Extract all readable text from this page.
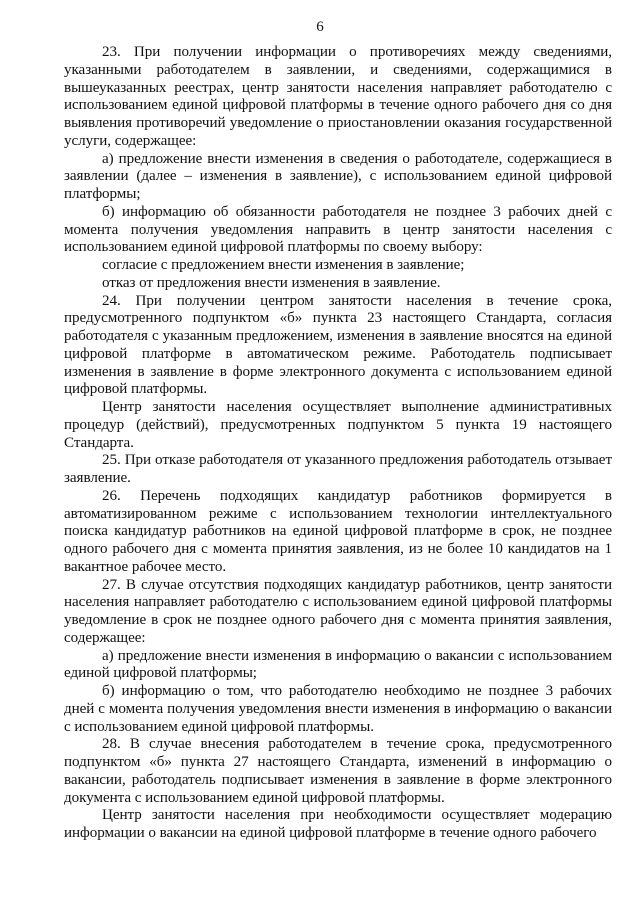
6

23. При получении информации о противоречиях между сведениями, указанными работодателем в заявлении, и сведениями, содержащимися в вышеуказанных реестрах, центр занятости населения направляет работодателю с использованием единой цифровой платформы в течение одного рабочего дня со дня выявления противоречий уведомление о приостановлении оказания государственной услуги, содержащее:

а) предложение внести изменения в сведения о работодателе, содержащиеся в заявлении (далее – изменения в заявление), с использованием единой цифровой платформы;

б) информацию об обязанности работодателя не позднее 3 рабочих дней с момента получения уведомления направить в центр занятости населения с использованием единой цифровой платформы по своему выбору:

согласие с предложением внести изменения в заявление;

отказ от предложения внести изменения в заявление.

24. При получении центром занятости населения в течение срока, предусмотренного подпунктом «б» пункта 23 настоящего Стандарта, согласия работодателя с указанным предложением, изменения в заявление вносятся на единой цифровой платформе в автоматическом режиме. Работодатель подписывает изменения в заявление в форме электронного документа с использованием единой цифровой платформы.

Центр занятости населения осуществляет выполнение административных процедур (действий), предусмотренных подпунктом 5 пункта 19 настоящего Стандарта.

25. При отказе работодателя от указанного предложения работодатель отзывает заявление.

26. Перечень подходящих кандидатур работников формируется в автоматизированном режиме с использованием технологии интеллектуального поиска кандидатур работников на единой цифровой платформе в срок, не позднее одного рабочего дня с момента принятия заявления, из не более 10 кандидатов на 1 вакантное рабочее место.

27. В случае отсутствия подходящих кандидатур работников, центр занятости населения направляет работодателю с использованием единой цифровой платформы уведомление в срок не позднее одного рабочего дня с момента принятия заявления, содержащее:

а) предложение внести изменения в информацию о вакансии с использованием единой цифровой платформы;

б) информацию о том, что работодателю необходимо не позднее 3 рабочих дней с момента получения уведомления внести изменения в информацию о вакансии с использованием единой цифровой платформы.

28. В случае внесения работодателем в течение срока, предусмотренного подпунктом «б» пункта 27 настоящего Стандарта, изменений в информацию о вакансии, работодатель подписывает изменения в заявление в форме электронного документа с использованием единой цифровой платформы.

Центр занятости населения при необходимости осуществляет модерацию информации о вакансии на единой цифровой платформе в течение одного рабочего
